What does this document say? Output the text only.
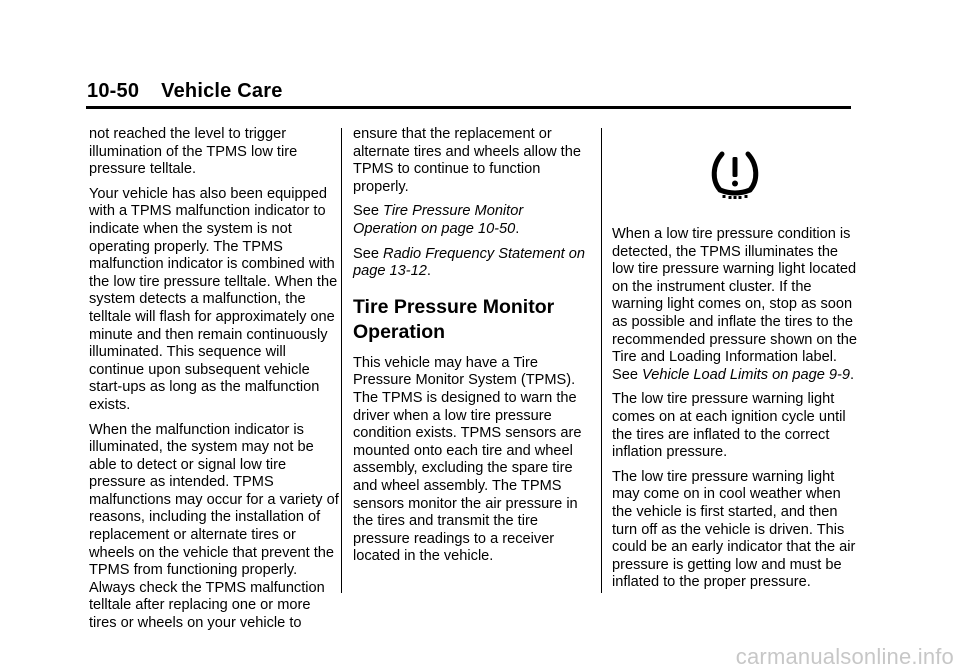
10-50 Vehicle Care

not reached the level to trigger illumination of the TPMS low tire pressure telltale.

Your vehicle has also been equipped with a TPMS malfunction indicator to indicate when the system is not operating properly. The TPMS malfunction indicator is combined with the low tire pressure telltale. When the system detects a malfunction, the telltale will flash for approximately one minute and then remain continuously illuminated. This sequence will continue upon subsequent vehicle start-ups as long as the malfunction exists.

When the malfunction indicator is illuminated, the system may not be able to detect or signal low tire pressure as intended. TPMS malfunctions may occur for a variety of reasons, including the installation of replacement or alternate tires or wheels on the vehicle that prevent the TPMS from functioning properly. Always check the TPMS malfunction telltale after replacing one or more tires or wheels on your vehicle to

ensure that the replacement or alternate tires and wheels allow the TPMS to continue to function properly.

See Tire Pressure Monitor Operation on page 10-50.

See Radio Frequency Statement on page 13-12.

Tire Pressure Monitor Operation

This vehicle may have a Tire Pressure Monitor System (TPMS). The TPMS is designed to warn the driver when a low tire pressure condition exists. TPMS sensors are mounted onto each tire and wheel assembly, excluding the spare tire and wheel assembly. The TPMS sensors monitor the air pressure in the tires and transmit the tire pressure readings to a receiver located in the vehicle.

When a low tire pressure condition is detected, the TPMS illuminates the low tire pressure warning light located on the instrument cluster. If the warning light comes on, stop as soon as possible and inflate the tires to the recommended pressure shown on the Tire and Loading Information label. See Vehicle Load Limits on page 9-9.

The low tire pressure warning light comes on at each ignition cycle until the tires are inflated to the correct inflation pressure.

The low tire pressure warning light may come on in cool weather when the vehicle is first started, and then turn off as the vehicle is driven. This could be an early indicator that the air pressure is getting low and must be inflated to the proper pressure.

carmanualsonline.info
